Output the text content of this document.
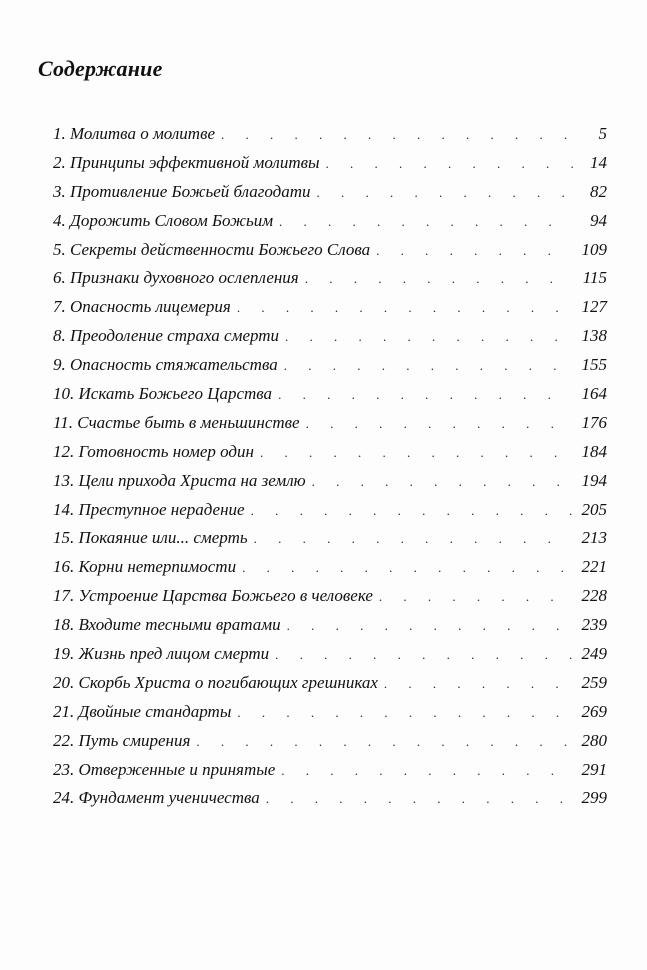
Содержание
1. Молитва о молитве . . .	5
2. Принципы эффективной молитвы . . .	14
3. Противление Божьей благодати . . .	82
4. Дорожить Словом Божьим . . .	94
5. Секреты действенности Божьего Слова . . .	109
6. Признаки духовного ослепления . . .	115
7. Опасность лицемерия . . .	127
8. Преодоление страха смерти . . .	138
9. Опасность стяжательства . . .	155
10. Искать Божьего Царства . . .	164
11. Счастье быть в меньшинстве . . .	176
12. Готовность номер один . . .	184
13. Цели прихода Христа на землю . . .	194
14. Преступное нерадение . . .	205
15. Покаяние или... смерть . . .	213
16. Корни нетерпимости . . .	221
17. Устроение Царства Божьего в человеке . . .	228
18. Входите тесными вратами . . .	239
19. Жизнь пред лицом смерти . . .	249
20. Скорбь Христа о погибающих грешниках . . .	259
21. Двойные стандарты . . .	269
22. Путь смирения . . .	280
23. Отверженные и принятые . . .	291
24. Фундамент ученичества . . .	299
